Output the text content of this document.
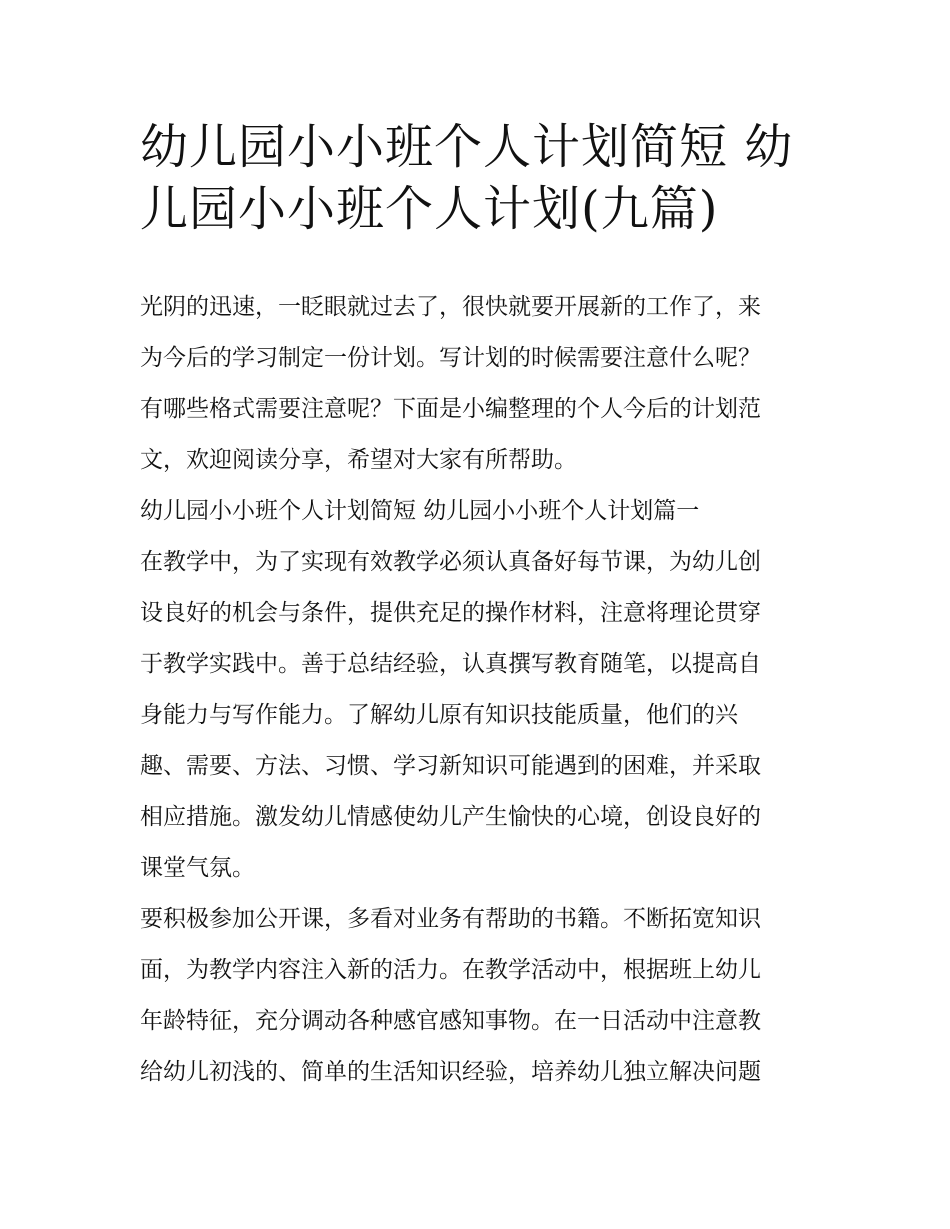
幼儿园小小班个人计划简短 幼
儿园小小班个人计划(九篇)
光阴的迅速，一眨眼就过去了，很快就要开展新的工作了，来
为今后的学习制定一份计划。写计划的时候需要注意什么呢？
有哪些格式需要注意呢？下面是小编整理的个人今后的计划范
文，欢迎阅读分享，希望对大家有所帮助。
幼儿园小小班个人计划简短 幼儿园小小班个人计划篇一
在教学中，为了实现有效教学必须认真备好每节课，为幼儿创
设良好的机会与条件，提供充足的操作材料，注意将理论贯穿
于教学实践中。善于总结经验，认真撰写教育随笔，以提高自
身能力与写作能力。了解幼儿原有知识技能质量，他们的兴
趣、需要、方法、习惯、学习新知识可能遇到的困难，并采取
相应措施。激发幼儿情感使幼儿产生愉快的心境，创设良好的
课堂气氛。
要积极参加公开课，多看对业务有帮助的书籍。不断拓宽知识
面，为教学内容注入新的活力。在教学活动中，根据班上幼儿
年龄特征，充分调动各种感官感知事物。在一日活动中注意教
给幼儿初浅的、简单的生活知识经验，培养幼儿独立解决问题
